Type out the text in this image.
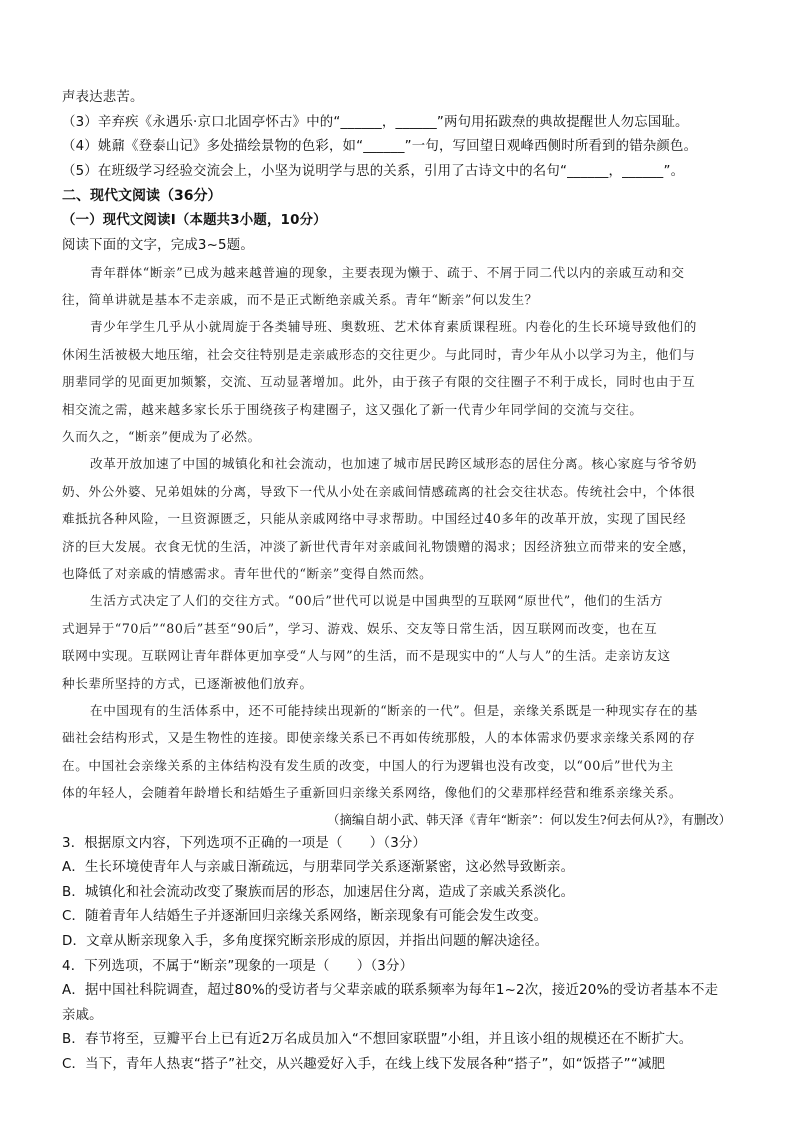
声表达悲苦。
（3）辛弃疾《永遇乐·京口北固亭怀古》中的“______，______”两句用拓跋焘的典故提醒世人勿忘国耻。
（4）姚鼐《登泰山记》多处描绘景物的色彩，如“______”一句，写回望日观峰西侧时所看到的错杂颜色。
（5）在班级学习经验交流会上，小坚为说明学与思的关系，引用了古诗文中的名句“______，______”。
二、现代文阅读（36分）
（一）现代文阅读Ⅰ（本题共3小题，10分）
阅读下面的文字，完成3~5题。
青年群体“断亲”已成为越来越普遍的现象，主要表现为懒于、疏于、不屑于同二代以内的亲戚互动和交
往，简单讲就是基本不走亲戚，而不是正式断绝亲戚关系。青年“断亲”何以发生？
青少年学生几乎从小就周旋于各类辅导班、奥数班、艺术体育素质课程班。内卷化的生长环境导致他们的
休闲生活被极大地压缩，社会交往特别是走亲戚形态的交往更少。与此同时，青少年从小以学习为主，他们与
朋辈同学的见面更加频繁，交流、互动显著增加。此外，由于孩子有限的交往圈子不利于成长，同时也由于互
相交流之需，越来越多家长乐于围绕孩子构建圈子，这又强化了新一代青少年同学间的交流与交往。
久而久之，“断亲”便成为了必然。
改革开放加速了中国的城镇化和社会流动，也加速了城市居民跨区域形态的居住分离。核心家庭与爷爷奶
奶、外公外婆、兄弟姐妹的分离，导致下一代从小处在亲戚间情感疏离的社会交往状态。传统社会中，个体很
难抵抗各种风险，一旦资源匮乏，只能从亲戚网络中寻求帮助。中国经过40多年的改革开放，实现了国民经
济的巨大发展。衣食无忧的生活，冲淡了新世代青年对亲戚间礼物馈赠的渴求；因经济独立而带来的安全感，
也降低了对亲戚的情感需求。青年世代的“断亲”变得自然而然。
生活方式决定了人们的交往方式。“00后”世代可以说是中国典型的互联网“原世代”，他们的生活方
式迥异于“70后”“80后”甚至“90后”，学习、游戏、娱乐、交友等日常生活，因互联网而改变，也在互
联网中实现。互联网让青年群体更加享受“人与网”的生活，而不是现实中的“人与人”的生活。走亲访友这
种长辈所坚持的方式，已逐渐被他们放弃。
在中国现有的生活体系中，还不可能持续出现新的“断亲的一代”。但是，亲缘关系既是一种现实存在的基
础社会结构形式，又是生物性的连接。即使亲缘关系已不再如传统那般，人的本体需求仍要求亲缘关系网的存
在。中国社会亲缘关系的主体结构没有发生质的改变，中国人的行为逻辑也没有改变，以“00后”世代为主
体的年轻人，会随着年龄增长和结婚生子重新回归亲缘关系网络，像他们的父辈那样经营和维系亲缘关系。
（摘编自胡小武、韩天泽《青年“断亲”：何以发生?何去何从?》，有删改）
3．根据原文内容，下列选项不正确的一项是（　　）（3分）
A．生长环境使青年人与亲戚日渐疏远，与朋辈同学关系逐渐紧密，这必然导致断亲。
B．城镇化和社会流动改变了聚族而居的形态，加速居住分离，造成了亲戚关系淡化。
C．随着青年人结婚生子并逐渐回归亲缘关系网络，断亲现象有可能会发生改变。
D．文章从断亲现象入手，多角度探究断亲形成的原因，并指出问题的解决途径。
4．下列选项，不属于“断亲”现象的一项是（　　）（3分）
A．据中国社科院调查，超过80%的受访者与父辈亲戚的联系频率为每年1~2次，接近20%的受访者基本不走
亲戚。
B．春节将至，豆瓣平台上已有近2万名成员加入“不想回家联盟”小组，并且该小组的规模还在不断扩大。
C．当下，青年人热衷“搭子”社交，从兴趣爱好入手，在线上线下发展各种“搭子”，如“饭搭子”“减肥
